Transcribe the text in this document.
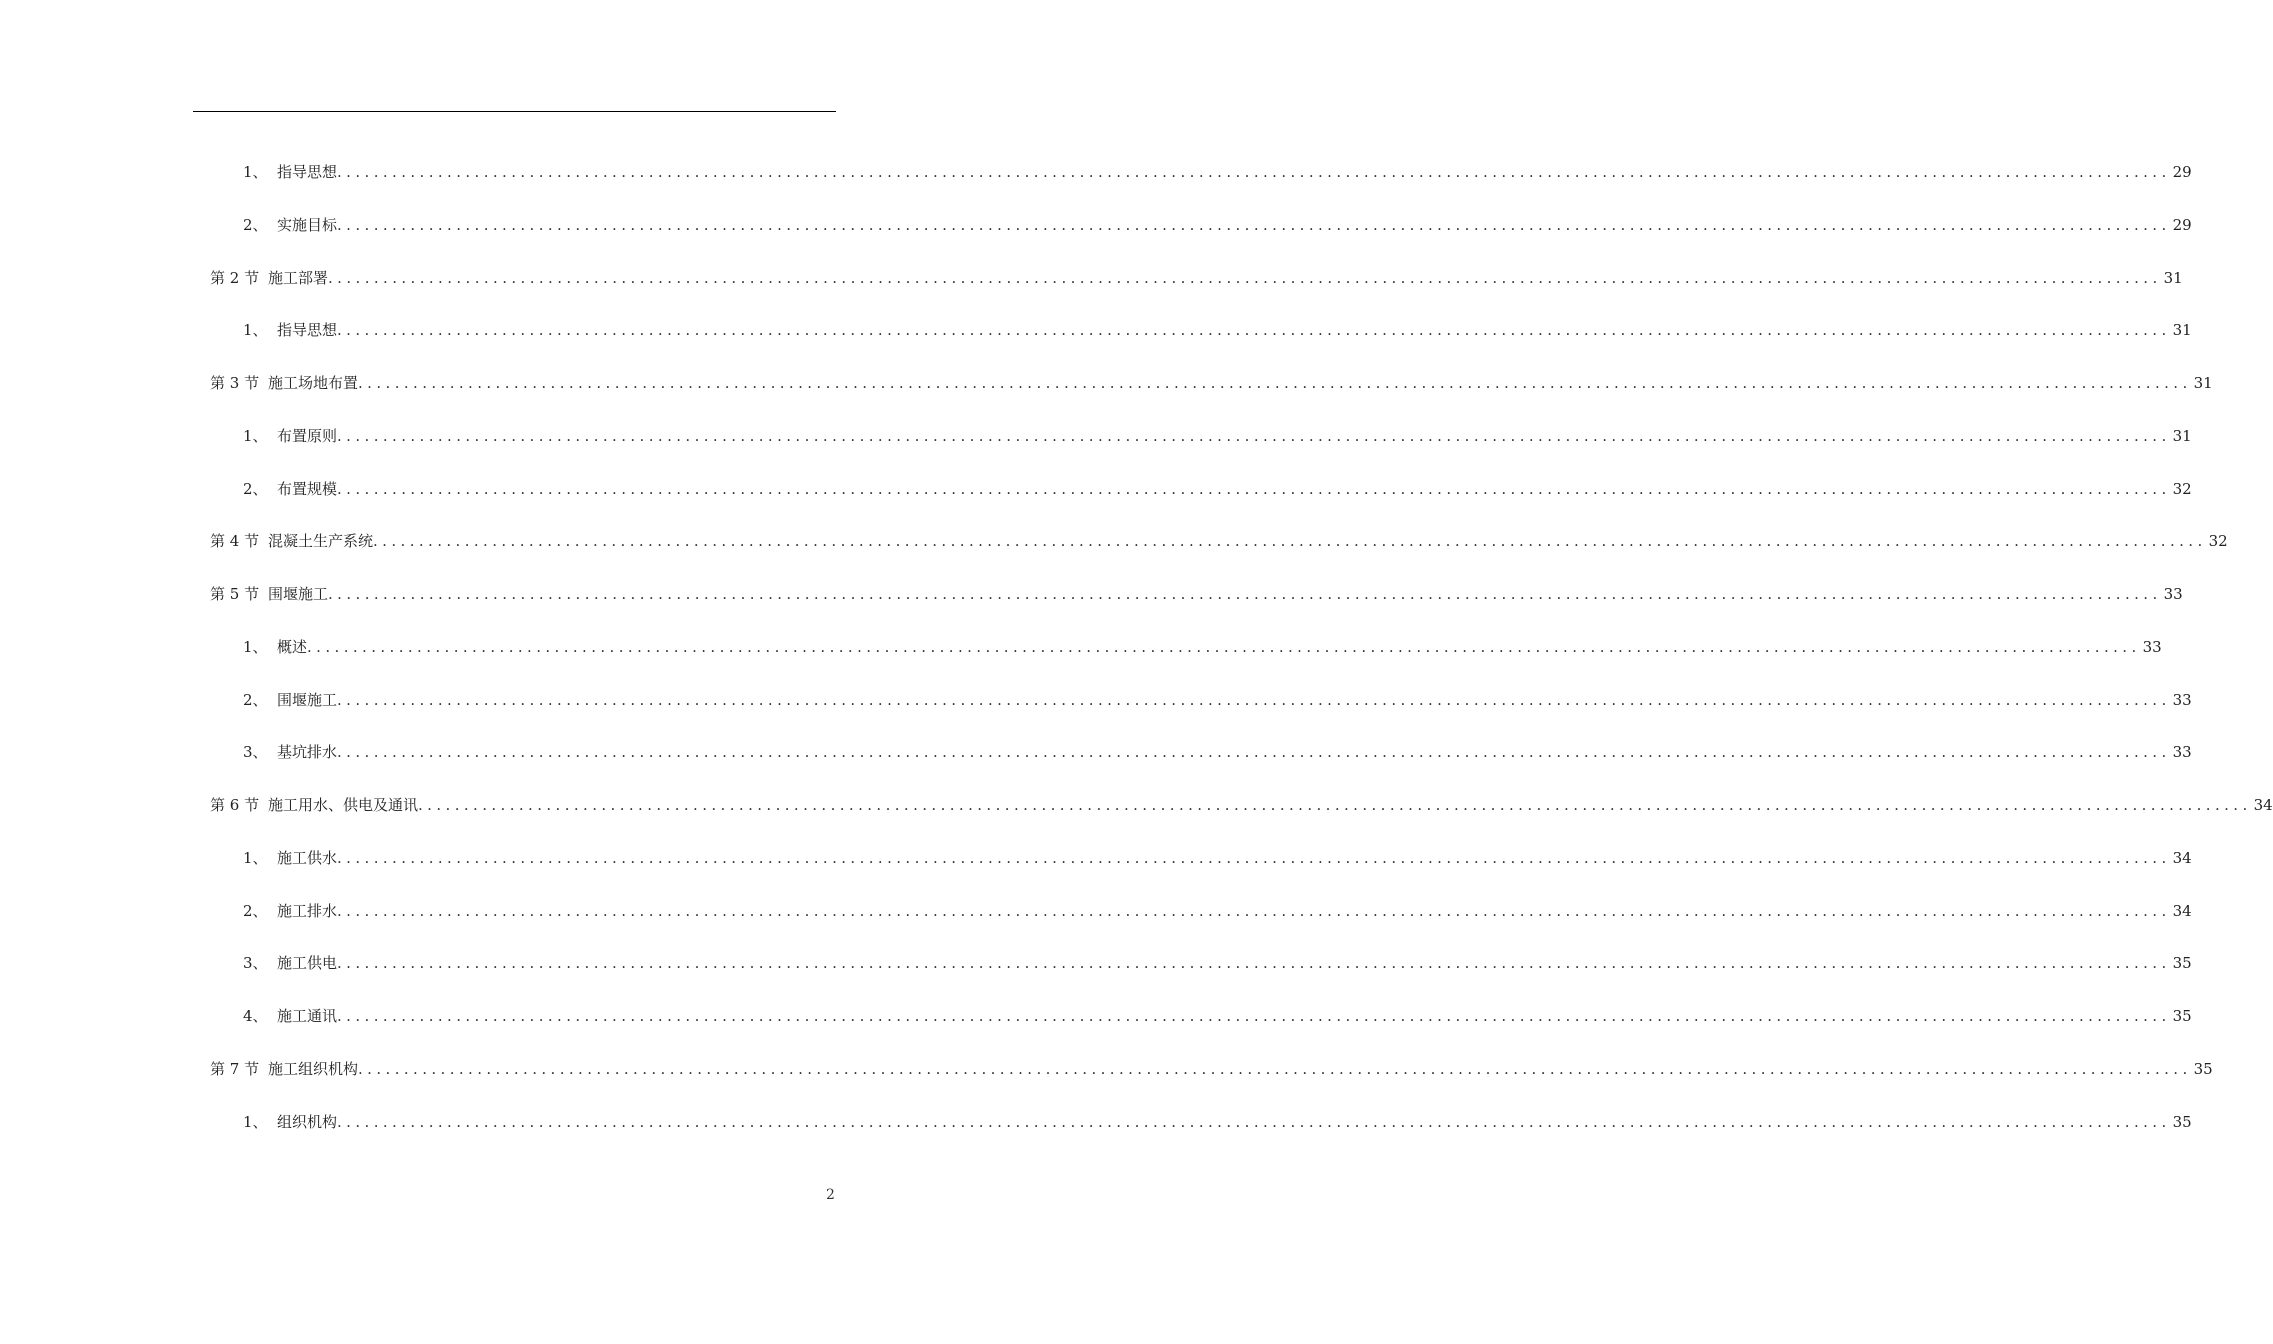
1、 指导思想 ........................................................................................................................................................................................................ 29
2、 实施目标 ........................................................................................................................................................................................................ 29
第 2 节 施工部署 ........................................................................................................................................................................................................ 31
1、 指导思想 ........................................................................................................................................................................................................ 31
第 3 节 施工场地布置 ........................................................................................................................................................................................................ 31
1、 布置原则 ........................................................................................................................................................................................................ 31
2、 布置规模 ........................................................................................................................................................................................................ 32
第 4 节 混凝土生产系统 ........................................................................................................................................................................................................ 32
第 5 节 围堰施工 ........................................................................................................................................................................................................ 33
1、 概述 ........................................................................................................................................................................................................ 33
2、 围堰施工 ........................................................................................................................................................................................................ 33
3、 基坑排水 ........................................................................................................................................................................................................ 33
第 6 节 施工用水、供电及通讯 ........................................................................................................................................................................................................ 34
1、 施工供水 ........................................................................................................................................................................................................ 34
2、 施工排水 ........................................................................................................................................................................................................ 34
3、 施工供电 ........................................................................................................................................................................................................ 35
4、 施工通讯 ........................................................................................................................................................................................................ 35
第 7 节 施工组织机构 ........................................................................................................................................................................................................ 35
1、 组织机构 ........................................................................................................................................................................................................ 35
2
